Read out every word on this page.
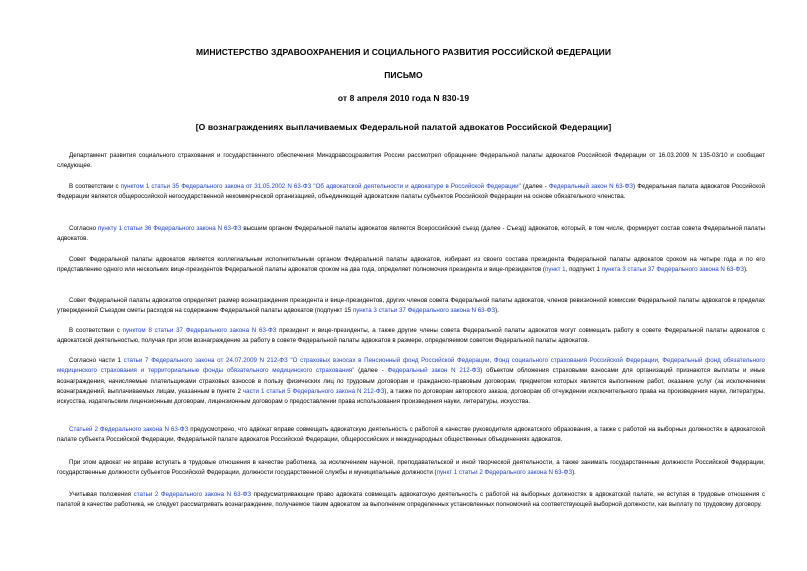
МИНИСТЕРСТВО ЗДРАВООХРАНЕНИЯ И СОЦИАЛЬНОГО РАЗВИТИЯ РОССИЙСКОЙ ФЕДЕРАЦИИ
ПИСЬМО
от 8 апреля 2010 года N 830-19
[О вознаграждениях выплачиваемых Федеральной палатой адвокатов Российской Федерации]
Департамент развития социального страхования и государственного обеспечения Минздравсоцразвития России рассмотрел обращение Федеральной палаты адвокатов Российской Федерации от 16.03.2009 N 135-03/10 и сообщает следующее.
В соответствии с пунктом 1 статьи 35 Федерального закона от 31.05.2002 N 63-ФЗ "Об адвокатской деятельности и адвокатуре в Российской Федерации" (далее - Федеральный закон N 63-ФЗ) Федеральная палата адвокатов Российской Федерации является общероссийской негосударственной некоммерческой организацией, объединяющей адвокатские палаты субъектов Российской Федерации на основе обязательного членства.
Согласно пункту 1 статьи 36 Федерального закона N 63-ФЗ высшим органом Федеральной палаты адвокатов является Всероссийский съезд (далее - Съезд) адвокатов, который, в том числе, формирует состав совета Федеральной палаты адвокатов.
Совет Федеральной палаты адвокатов является коллегиальным исполнительным органом Федеральной палаты адвокатов, избирает из своего состава президента Федеральной палаты адвокатов сроком на четыре года и по его представлению одного или нескольких вице-президентов Федеральной палаты адвокатов сроком на два года, определяет полномочия президента и вице-президентов (пункт 1, подпункт 1 пункта 3 статьи 37 Федерального закона N 63-ФЗ).
Совет Федеральной палаты адвокатов определяет размер вознаграждения президента и вице-президентов, других членов совета Федеральной палаты адвокатов, членов ревизионной комиссии Федеральной палаты адвокатов в пределах утвержденной Съездом сметы расходов на содержание Федеральной палаты адвокатов (подпункт 15 пункта 3 статьи 37 Федерального закона N 63-ФЗ).
В соответствии с пунктом 8 статьи 37 Федерального закона N 63-ФЗ президент и вице-президенты, а также другие члены совета Федеральной палаты адвокатов могут совмещать работу в совете Федеральной палаты адвокатов с адвокатской деятельностью, получая при этом вознаграждение за работу в совете Федеральной палаты адвокатов в размере, определяемом советом Федеральной палаты адвокатов.
Согласно части 1 статьи 7 Федерального закона от 24.07.2009 N 212-ФЗ "О страховых взносах в Пенсионный фонд Российской Федерации, Фонд социального страхования Российской Федерации, Федеральный фонд обязательного медицинского страхования и территориальные фонды обязательного медицинского страхования" (далее - Федеральный закон N 212-ФЗ) объектом обложения страховыми взносами для организаций признаются выплаты и иные вознаграждения, начисляемые плательщиками страховых взносов в пользу физических лиц по трудовым договорам и гражданско-правовым договорам, предметом которых является выполнение работ, оказание услуг (за исключением вознаграждений, выплачиваемых лицам, указанным в пункте 2 части 1 статьи 5 Федерального закона N 212-ФЗ), а также по договорам авторского заказа, договорам об отчуждении исключительного права на произведения науки, литературы, искусства, издательским лицензионным договорам, лицензионным договорам о предоставлении права использования произведения науки, литературы, искусства.
Статьей 2 Федерального закона N 63-ФЗ предусмотрено, что адвокат вправе совмещать адвокатскую деятельность с работой в качестве руководителя адвокатского образования, а также с работой на выборных должностях в адвокатской палате субъекта Российской Федерации, Федеральной палате адвокатов Российской Федерации, общероссийских и международных общественных объединениях адвокатов.
При этом адвокат не вправе вступать в трудовые отношения в качестве работника, за исключением научной, преподавательской и иной творческой деятельности, а также занимать государственные должности Российской Федерации, государственные должности субъектов Российской Федерации, должности государственной службы и муниципальные должности (пункт 1 статьи 2 Федерального закона N 63-ФЗ).
Учитывая положения статьи 2 Федерального закона N 63-ФЗ предусматривающие право адвоката совмещать адвокатскую деятельность с работой на выборных должностях в адвокатской палате, не вступая в трудовые отношения с палатой в качестве работника, не следует рассматривать вознаграждение, получаемое таким адвокатом за выполнение определенных установленных полномочий на соответствующей выборной должности, как выплату по трудовому договору.
